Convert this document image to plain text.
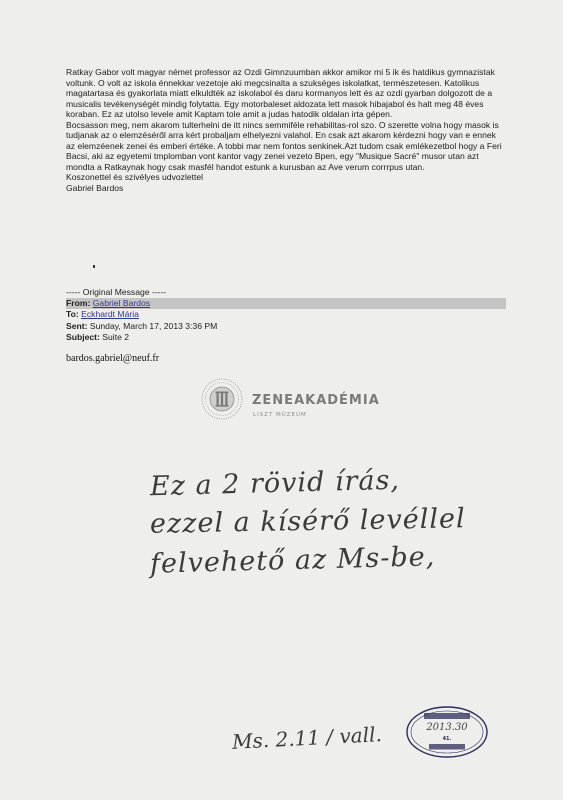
Ratkay Gabor volt magyar német professor az Ozdi Gimnzuumban akkor amikor mi 5 ik és hatdikus gymnazistak voltunk. O volt az iskola énnekkar vezetoje aki megcsinalta a szukséges iskolatkat, természetesen. Katolikus magatartasa és gyakorlata miatt elkuldték az iskolabol és daru kormanyos lett és az ozdi gyarban dolgozott de a musicalis tevékenységét mindig folytatta. Egy motorbaleset aldozata lett masok hibajabol és halt meg 48 éves koraban. Ez az utolso levele amit Kaptam tole amit a judas hatodik oldalan irta gépen.

Bocsasson meg, nem akarom tulterhelni de itt nincs semmiféle rehabilitas-rol szo. O szerette volna hogy masok is tudjanak az o elemzéséről arra kért probaljam elhelyezni valahol. En csak azt akarom kérdezni hogy van e ennek az elemzéenek zenei és emberi értéke. A tobbi mar nem fontos senkinek.Azt tudom csak emlékezetbol hogy a Feri Bacsi, aki az egyetemi tmplomban vont kantor vagy zenei vezeto Bpen, egy "Musique Sacré" musor utan azt mondta a Ratkaynak hogy csak masfél handot estunk a kurusban az Ave verum corrrpus utan.

Koszonettel és szivélyes udvozlettel

Gabriel Bardos

----- Original Message -----
From: Gabriel Bardos
To: Eckhardt Mária
Sent: Sunday, March 17, 2013 3:36 PM
Subject: Suite 2
bardos.gabriel@neuf.fr
ZENEAKADÉMIA
LISZT MÚZEUM
Ez a 2 rövid írás,
ezzel a kísérő levéllel
felvehető az Ms-be,
Ms. 2.11 / vall.	2013.30
41.
